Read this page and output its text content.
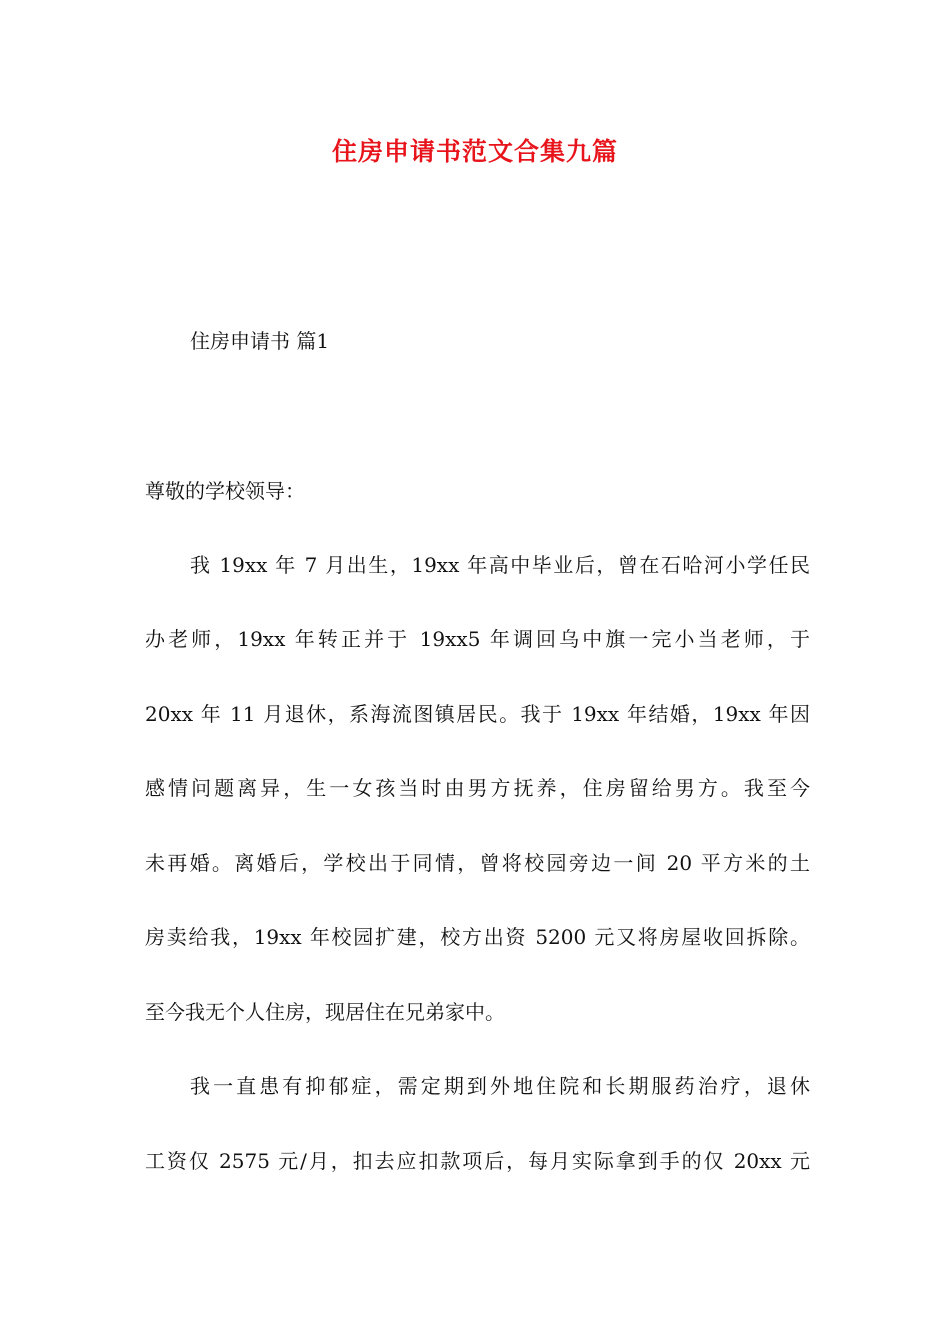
住房申请书范文合集九篇
住房申请书 篇1
尊敬的学校领导：
我 19xx 年 7 月出生，19xx 年高中毕业后，曾在石哈河小学任民
办老师，19xx 年转正并于 19xx5 年调回乌中旗一完小当老师，于
20xx 年 11 月退休，系海流图镇居民。我于 19xx 年结婚，19xx 年因
感情问题离异，生一女孩当时由男方抚养，住房留给男方。我至今
未再婚。离婚后，学校出于同情，曾将校园旁边一间 20 平方米的土
房卖给我，19xx 年校园扩建，校方出资 5200 元又将房屋收回拆除。
至今我无个人住房，现居住在兄弟家中。
我一直患有抑郁症，需定期到外地住院和长期服药治疗，退休
工资仅 2575 元/月，扣去应扣款项后，每月实际拿到手的仅 20xx 元
